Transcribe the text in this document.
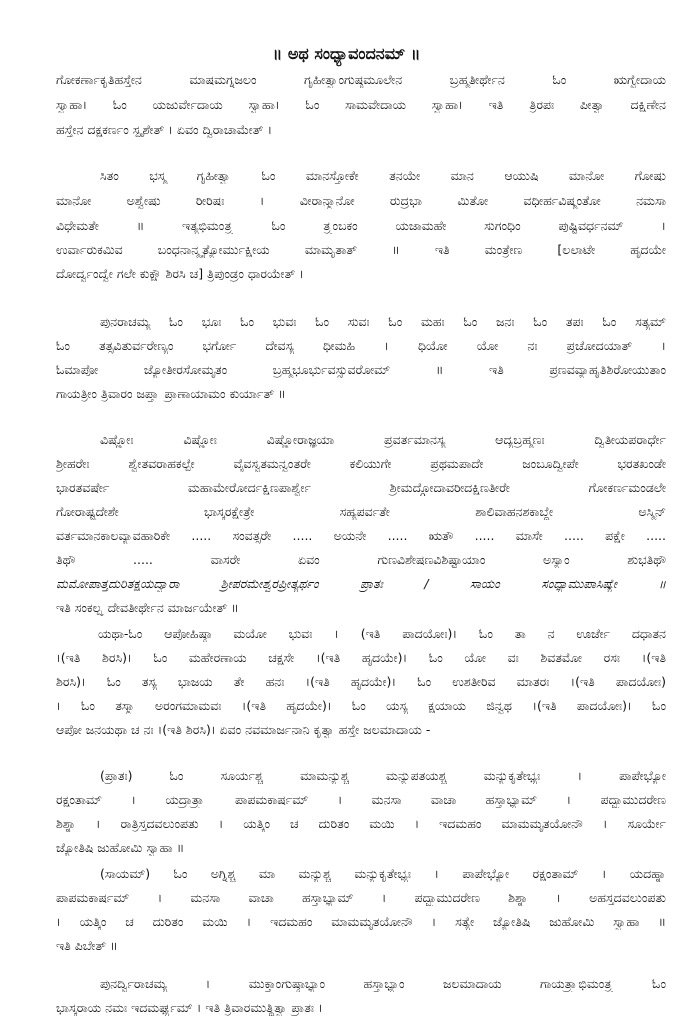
॥ ಅಥ ಸಂಧ್ಯಾವಂದನಮ್ ॥
ಗೋಕರ್ಣಾಕೃತಿಹಸ್ತೇನ ಮಾಷಮಗ್ನಜಲಂ ಗೃಹೀತ್ವಾಂಗುಷ್ಠಮೂಲೇನ ಬ್ರಹ್ಮತೀರ್ಥೇನ ಓಂ ಋಗ್ವೇದಾಯ
ಸ್ವಾಹಾ। ಓಂ ಯಜುರ್ವೇದಾಯ ಸ್ವಾಹಾ। ಓಂ ಸಾಮವೇದಾಯ ಸ್ವಾಹಾ। ಇತಿ ತ್ರಿರಪಃ ಪೀತ್ವಾ ದಕ್ಷಿಣೇನ
ಹಸ್ತೇನ ದಕ್ಷಕರ್ಣಂ ಸ್ಪೃಶೇತ್ । ಏವಂ ದ್ವಿರಾಚಾಮೇತ್ ।
ಸಿತಂ ಭಸ್ಮ ಗೃಹೀತ್ವಾ ಓಂ ಮಾನಸ್ತೋಕೇ ತನಯೇ ಮಾನ ಆಯುಷಿ ಮಾನೋ ಗೋಷು
ಮಾನೋ ಅಶ್ವೇಷು ರೀರಿಷಃ । ವೀರಾನ್ಮಾನೋ ರುದ್ರಭಾ ಮಿತೋ ವಧೀರ್ಹವಿಷ್ಮಂತೋ ನಮಸಾ
ವಿಧೇಮತೇ ॥ ಇತ್ಯಭಿಮಂತ್ರ್ಯ ಓಂ ತ್ರ್ಯಂಬಕಂ ಯಜಾಮಹೇ ಸುಗಂಧಿಂ ಪುಷ್ಟಿವರ್ಧನಮ್ ।
ಉರ್ವಾರುಕಮಿವ ಬಂಧನಾನ್ಮೃತ್ಯೋರ್ಮುಕ್ಷೀಯ ಮಾಮೃತಾತ್ ॥ ಇತಿ ಮಂತ್ರೇಣ [ಲಲಾಟೇ ಹೃದಯೇ
ದೋರ್ದ್ವಂದ್ವೇ ಗಲೇ ಕುಕ್ಷೌ ಶಿರಸಿ ಚ] ತ್ರಿಪುಂಡ್ರಂ ಧಾರಯೇತ್ ।
ಪುನರಾಚಮ್ಯ ಓಂ ಭೂಃ ಓಂ ಭುವಃ ಓಂ ಸುವಃ ಓಂ ಮಹಃ ಓಂ ಜನಃ ಓಂ ತಪಃ ಓಂ ಸತ್ಯಮ್
ಓಂ ತತ್ಸವಿತುರ್ವರೇಣ್ಯಂ ಭರ್ಗೋ ದೇವಸ್ಯ ಧೀಮಹಿ । ಧಿಯೋ ಯೋ ನಃ ಪ್ರಚೋದಯಾತ್ ।
ಓಮಾಪೋ ಜ್ಯೋತೀರಸೋಮೃತಂ ಬ್ರಹ್ಮಭೂರ್ಭುವಸ್ಸುವರೋಮ್ ॥ ಇತಿ ಪ್ರಣವವ್ಯಾಹೃತಿಶಿರೋಯುತಾಂ
ಗಾಯತ್ರೀಂ ತ್ರಿವಾರಂ ಜಪ್ತ್ವಾ ಪ್ರಾಣಾಯಾಮಂ ಕುರ್ಯಾತ್ ॥
ವಿಷ್ಣೋಃ ವಿಷ್ಣೋಃ ವಿಷ್ಣೋರಾಜ್ಞಯಾ ಪ್ರವರ್ತಮಾನಸ್ಯ ಆದ್ಯಬ್ರಹ್ಮಣಃ ದ್ವಿತೀಯಪರಾರ್ಧೇ
ಶ್ರೀಹರೇಃ ಶ್ವೇತವರಾಹಕಲ್ಪೇ ವೈವಸ್ವತಮನ್ವಂತರೇ ಕಲಿಯುಗೇ ಪ್ರಥಮಪಾದೇ ಜಂಬೂದ್ವೀಪೇ ಭರತಖಂಡೇ
ಭಾರತವರ್ಷೇ ಮಹಾಮೇರೋರ್ದಕ್ಷಿಣಪಾರ್ಶ್ವೇ ಶ್ರೀಮದ್ಗೋದಾವರೀದಕ್ಷಿಣತೀರೇ ಗೋಕರ್ಣಮಂಡಲೇ
ಗೋರಾಷ್ಟ್ರದೇಶೇ ಭಾಸ್ಕರಕ್ಷೇತ್ರೇ ಸಹ್ಯಪರ್ವತೇ ಶಾಲಿವಾಹನಶಕಾಬ್ದೇ ಅಸ್ಮಿನ್
ವರ್ತಮಾನಕಾಲವ್ಯಾವಹಾರಿಕೇ ..... ಸಂವತ್ಸರೇ ..... ಅಯನೇ ..... ಋತೌ ..... ಮಾಸೇ ..... ಪಕ್ಷೇ .....
ತಿಥೌ ..... ವಾಸರೇ ಏವಂ ಗುಣವಿಶೇಷಣವಿಶಿಷ್ಟಾಯಾಂ ಅಸ್ಯಾಂ ಶುಭತಿಥೌ
ಮಮೋಪಾತ್ತದುರಿತಕ್ಷಯದ್ವಾರಾ ಶ್ರೀಪರಮೇಶ್ವರಪ್ರೀತ್ಯರ್ಥಂ ಪ್ರಾತಃ / ಸಾಯಂ ಸಂಧ್ಯಾಮುಪಾಸಿಷ್ಯೇ ॥
ಇತಿ ಸಂಕಲ್ಪ್ಯ ದೇವತೀರ್ಥೇನ ಮಾರ್ಜಯೇತ್ ॥
ಯಥಾ-ಓಂ ಆಪೋಹಿಷ್ಠಾ ಮಯೋ ಭುವಃ । (ಇತಿ ಪಾದಯೋಃ)। ಓಂ ತಾ ನ ಊರ್ಜೇ ದಧಾತನ
।(ಇತಿ ಶಿರಸಿ)। ಓಂ ಮಹೇರಣಾಯ ಚಕ್ಷಸೇ ।(ಇತಿ ಹೃದಯೇ)। ಓಂ ಯೋ ವಃ ಶಿವತಮೋ ರಸಃ ।(ಇತಿ
ಶಿರಸಿ)। ಓಂ ತಸ್ಯ ಭಾಜಯ ತೇ ಹನಃ ।(ಇತಿ ಹೃದಯೇ)। ಓಂ ಉಶತೀರಿವ ಮಾತರಃ ।(ಇತಿ ಪಾದಯೋಃ)
। ಓಂ ತಸ್ಮಾ ಅರಂಗಮಾಮವಃ ।(ಇತಿ ಹೃದಯೇ)। ಓಂ ಯಸ್ಯ ಕ್ಷಯಾಯ ಜಿನ್ವಥ ।(ಇತಿ ಪಾದಯೋಃ)। ಓಂ
ಆಪೋ ಜನಯಥಾ ಚ ನಃ ।(ಇತಿ ಶಿರಸಿ)। ಏವಂ ನವಮಾರ್ಜನಾನಿ ಕೃತ್ವಾ ಹಸ್ತೇ ಜಲಮಾದಾಯ -
(ಪ್ರಾತಃ) ಓಂ ಸೂರ್ಯಶ್ಚ ಮಾಮನ್ಯುಶ್ಚ ಮನ್ಯುಪತಯಶ್ಚ ಮನ್ಯುಕೃತೇಭ್ಯಃ । ಪಾಪೇಭ್ಯೋ
ರಕ್ಷಂತಾಮ್ । ಯದ್ರಾತ್ರ್ಯಾ ಪಾಪಮಕಾರ್ಷಮ್ । ಮನಸಾ ವಾಚಾ ಹಸ್ತಾಭ್ಯಾಮ್ । ಪದ್ಭ್ಯಾಮುದರೇಣ
ಶಿಶ್ನಾ । ರಾತ್ರಿಸ್ತದವಲುಂಪತು । ಯತ್ಕಿಂ ಚ ದುರಿತಂ ಮಯಿ । ಇದಮಹಂ ಮಾಮಮೃತಯೋನೌ । ಸೂರ್ಯೇ
ಜ್ಯೋತಿಷಿ ಜುಹೋಮಿ ಸ್ವಾಹಾ ॥
(ಸಾಯಮ್) ಓಂ ಅಗ್ನಿಶ್ಚ ಮಾ ಮನ್ಯುಶ್ಚ ಮನ್ಯುಕೃತೇಭ್ಯಃ । ಪಾಪೇಭ್ಯೋ ರಕ್ಷಂತಾಮ್ । ಯದಹ್ನಾ
ಪಾಪಮಕಾರ್ಷಮ್ । ಮನಸಾ ವಾಚಾ ಹಸ್ತಾಭ್ಯಾಮ್ । ಪದ್ಭ್ಯಾಮುದರೇಣ ಶಿಶ್ನಾ । ಅಹಸ್ತದವಲುಂಪತು
। ಯತ್ಕಿಂ ಚ ದುರಿತಂ ಮಯಿ । ಇದಮಹಂ ಮಾಮಮೃತಯೋನೌ । ಸತ್ಯೇ ಜ್ಯೋತಿಷಿ ಜುಹೋಮಿ ಸ್ವಾಹಾ ॥
ಇತಿ ಪಿಬೇತ್ ॥
ಪುನರ್ದ್ವಿರಾಚಮ್ಯ । ಮುಕ್ತಾಂಗುಷ್ಠಾಭ್ಯಾಂ ಹಸ್ತಾಭ್ಯಾಂ ಜಲಮಾದಾಯ ಗಾಯತ್ರ್ಯಾಭಿಮಂತ್ರ್ಯ ಓಂ
ಭಾಸ್ಕರಾಯ ನಮಃ ಇದಮರ್ಘ್ಯಮ್ । ಇತಿ ತ್ರಿವಾರಮುತ್ಥಿತ್ವಾ ಪ್ರಾತಃ ।
